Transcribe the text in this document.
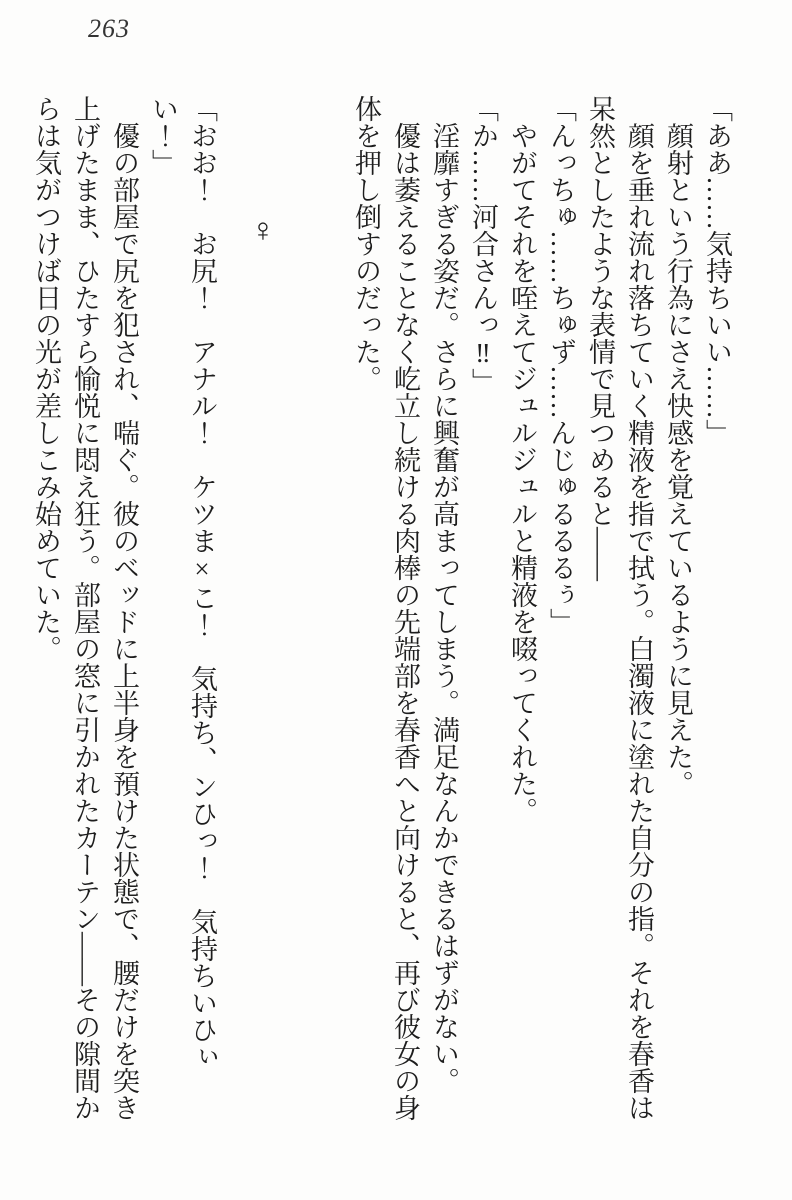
263

「ああ……気持ちいい……」

顔射という行為にさえ快感を覚えているように見えた。

顔を垂れ流れ落ちていく精液を指で拭う。白濁液に塗れた自分の指。それを春香は呆然としたような表情で見つめると――

「んっちゅ……ちゅず……んじゅるるるぅ」

やがてそれを咥えてジュルジュルと精液を啜ってくれた。

「か……河合さんっ‼」

淫靡すぎる姿だ。さらに興奮が高まってしまう。満足なんかできるはずがない。

優は萎えることなく屹立し続ける肉棒の先端部を春香へと向けると、再び彼女の身体を押し倒すのだった。

♀

「おお！　お尻！　アナル！　ケツま×こ！　気持ち、ンひっ！　気持ちいひぃい！」

優の部屋で尻を犯され、喘ぐ。彼のベッドに上半身を預けた状態で、腰だけを突き上げたまま、ひたすら愉悦に悶え狂う。部屋の窓に引かれたカーテン――その隙間からは気がつけば日の光が差しこみ始めていた。
